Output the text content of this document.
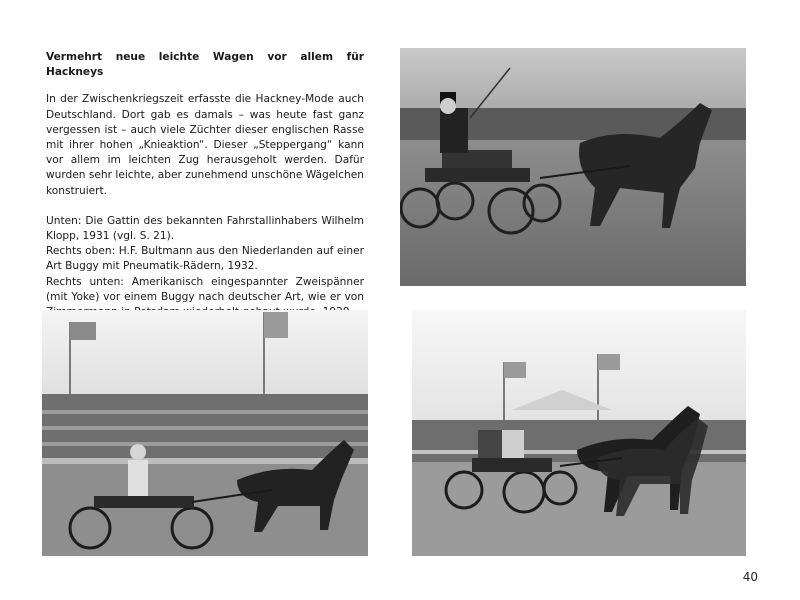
Vermehrt neue leichte Wagen vor allem für Hackneys

In der Zwischenkriegszeit erfasste die Hackney-Mode auch Deutschland. Dort gab es damals – was heute fast ganz vergessen ist – auch viele Züchter dieser englischen Rasse mit ihrer hohen „Knieaktion“. Dieser „Steppergang“ kann vor allem im leichten Zug herausgeholt werden. Dafür wurden sehr leichte, aber zunehmend unschöne Wägelchen konstruiert.

Unten: Die Gattin des bekannten Fahrstallinhabers Wilhelm Klopp, 1931 (vgl. S. 21).

Rechts oben: H.F. Bultmann aus den Niederlanden auf einer Art Buggy mit Pneumatik-Rädern, 1932.

Rechts unten: Amerikanisch eingespannter Zweispänner (mit Yoke) vor einem Buggy nach deutscher Art, wie er von

40
